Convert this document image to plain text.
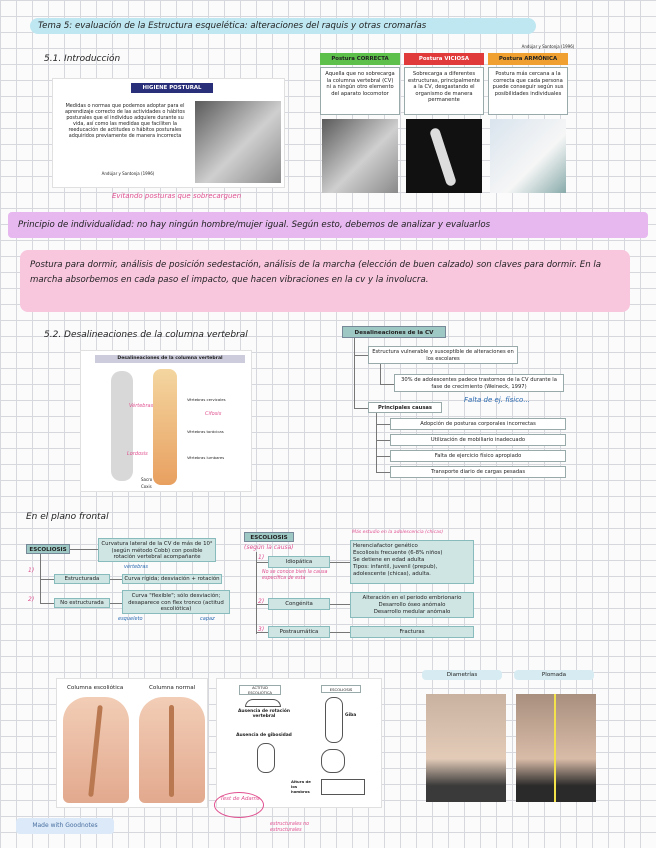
Tema 5: evaluación de la Estructura esquelética: alteraciones del raquis y otras cromarías
5.1. Introducción
HIGIENE POSTURAL
Medidas o normas que podemos adoptar para el aprendizaje correcto de las actividades o hábitos posturales que el individuo adquiere durante su vida, así como las medidas que faciliten la reeducación de actitudes o hábitos posturales adquiridos previamente de manera incorrecta
Andújar y Santonja (1996)
Evitando posturas que sobrecarguen
Andújar y Santonja (1996)
Postura CORRECTA	Postura VICIOSA	Postura ARMÓNICA
Aquella que no sobrecarga la columna vertebral (CV) ni a ningún otro elemento del aparato locomotor
Sobrecarga a diferentes estructuras, principalmente a la CV, desgastando el organismo de manera permanente
Postura más cercana a la correcta que cada persona puede conseguir según sus posibilidades individuales
Principio de individualidad: no hay ningún hombre/mujer igual. Según esto, debemos de analizar y evaluarlos
Postura para dormir, análisis de posición sedestación, análisis de la marcha (elección de buen calzado) son claves para dormir. En la marcha absorbemos en cada paso el impacto, que hacen vibraciones en la cv y la involucra.
5.2. Desalineaciones de la columna vertebral
Desalineaciones de la columna vertebral
Vértebras
Cifosis
Lordosis
Vértebras cervicales
Vértebras torácicas
Vértebras lumbares
Sacro
Coxis
Desalineaciones de la CV
Estructura vulnerable y susceptible de alteraciones en los escolares
30% de adolescentes padece trastornos de la CV durante la fase de crecimiento (Weineck, 1997)
Principales causas
Falta de ej. físico...
Adopción de posturas corporales incorrectas
Utilización de mobiliario inadecuado
Falta de ejercicio físico apropiado
Transporte diario de cargas pesadas
En el plano frontal
ESCOLIOSIS
Curvatura lateral de la CV de más de 10° (según método Cobb) con posible rotación vertebral acompañante
1)
2)
Estructurada
No estructurada
Curva rígida; desviación + rotación
Curva "flexible"; sólo desviación; desaparece con flex tronco (actitud escoliótica)
vértebras
esqueleto	capaz
ESCOLIOSIS
(según la causa)
1)
2)
3)
Idiopática
Congénita
Postraumática
No se conoce bien la causa específica de esta
Más estudio en la adolescencia (chicas)
Herenciafactor genético
Escoliosis frecuente (6-8% niños)
Se detiene en edad adulta
Tipos: infantil, juvenil (prepub), adolescente (chicas), adulta.
Alteración en el periodo embrionario
Desarrollo óseo anómalo
Desarrollo medular anómalo
Fracturas
Columna escoliótica	Columna normal	ACTITUD ESCOLIÓTICA
ESCOLIOSIS
Ausencia de rotación vertebral
Ausencia de gibosidad
Giba
Altura de los hombros
Test de Adams
estructurales no estructurales
Diametrías	Plomada
Made with Goodnotes
